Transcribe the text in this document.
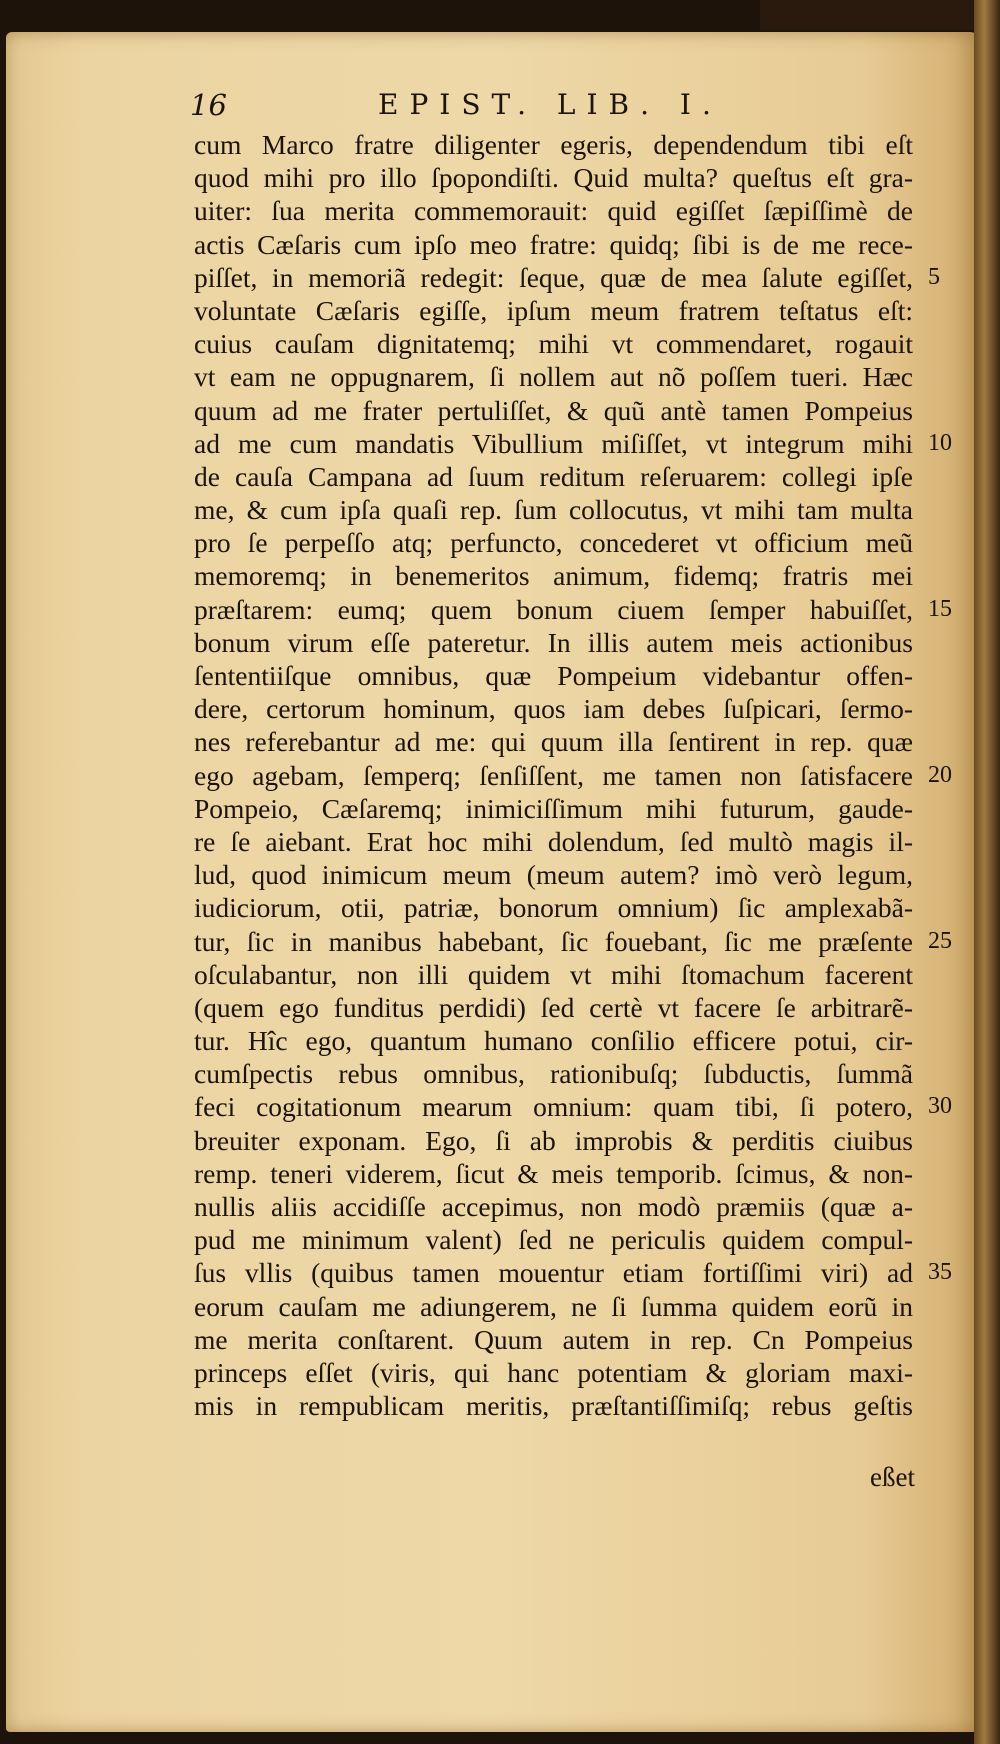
16	EPIST. LIB. I.
cum Marco fratre diligenter egeris, dependendum tibi eſt
quod mihi pro illo ſpopondiſti. Quid multa? queſtus eſt gra-
uiter: ſua merita commemorauit: quid egiſſet ſæpiſſimè de
actis Cæſaris cum ipſo meo fratre: quidq; ſibi is de me rece-
piſſet, in memoriã redegit: ſeque, quæ de mea ſalute egiſſet, 5
voluntate Cæſaris egiſſe, ipſum meum fratrem teſtatus eſt:
cuius cauſam dignitatemq; mihi vt commendaret, rogauit
vt eam ne oppugnarem, ſi nollem aut nõ poſſem tueri. Hæc
quum ad me frater pertuliſſet, & quũ antè tamen Pompeius
ad me cum mandatis Vibullium miſiſſet, vt integrum mihi 10
de cauſa Campana ad ſuum reditum reſeruarem: collegi ipſe
me, & cum ipſa quaſi rep. ſum collocutus, vt mihi tam multa
pro ſe perpeſſo atq; perfuncto, concederet vt officium meũ
memoremq; in benemeritos animum, fidemq; fratris mei
præſtarem: eumq; quem bonum ciuem ſemper habuiſſet, 15
bonum virum eſſe pateretur. In illis autem meis actionibus
ſententiiſque omnibus, quæ Pompeium videbantur offen-
dere, certorum hominum, quos iam debes ſuſpicari, ſermo-
nes referebantur ad me: qui quum illa ſentirent in rep. quæ
ego agebam, ſemperq; ſenſiſſent, me tamen non ſatisfacere 20
Pompeio, Cæſaremq; inimiciſſimum mihi futurum, gaude-
re ſe aiebant. Erat hoc mihi dolendum, ſed multò magis il-
lud, quod inimicum meum (meum autem? imò verò legum,
iudiciorum, otii, patriæ, bonorum omnium) ſic amplexabã-
tur, ſic in manibus habebant, ſic fouebant, ſic me præſente 25
oſculabantur, non illi quidem vt mihi ſtomachum facerent
(quem ego funditus perdidi) ſed certè vt facere ſe arbitrarẽ-
tur. Hîc ego, quantum humano conſilio efficere potui, cir-
cumſpectis rebus omnibus, rationibuſq; ſubductis, ſummã
feci cogitationum mearum omnium: quam tibi, ſi potero, 30
breuiter exponam. Ego, ſi ab improbis & perditis ciuibus
remp. teneri viderem, ſicut & meis temporib. ſcimus, & non-
nullis aliis accidiſſe accepimus, non modò præmiis (quæ a-
pud me minimum valent) ſed ne periculis quidem compul-
ſus vllis (quibus tamen mouentur etiam fortiſſimi viri) ad 35
eorum cauſam me adiungerem, ne ſi ſumma quidem eorũ in
me merita conſtarent. Quum autem in rep. Cn Pompeius
princeps eſſet (viris, qui hanc potentiam & gloriam maxi-
mis in rempublicam meritis, præſtantiſſimiſq; rebus geſtis
eßet
